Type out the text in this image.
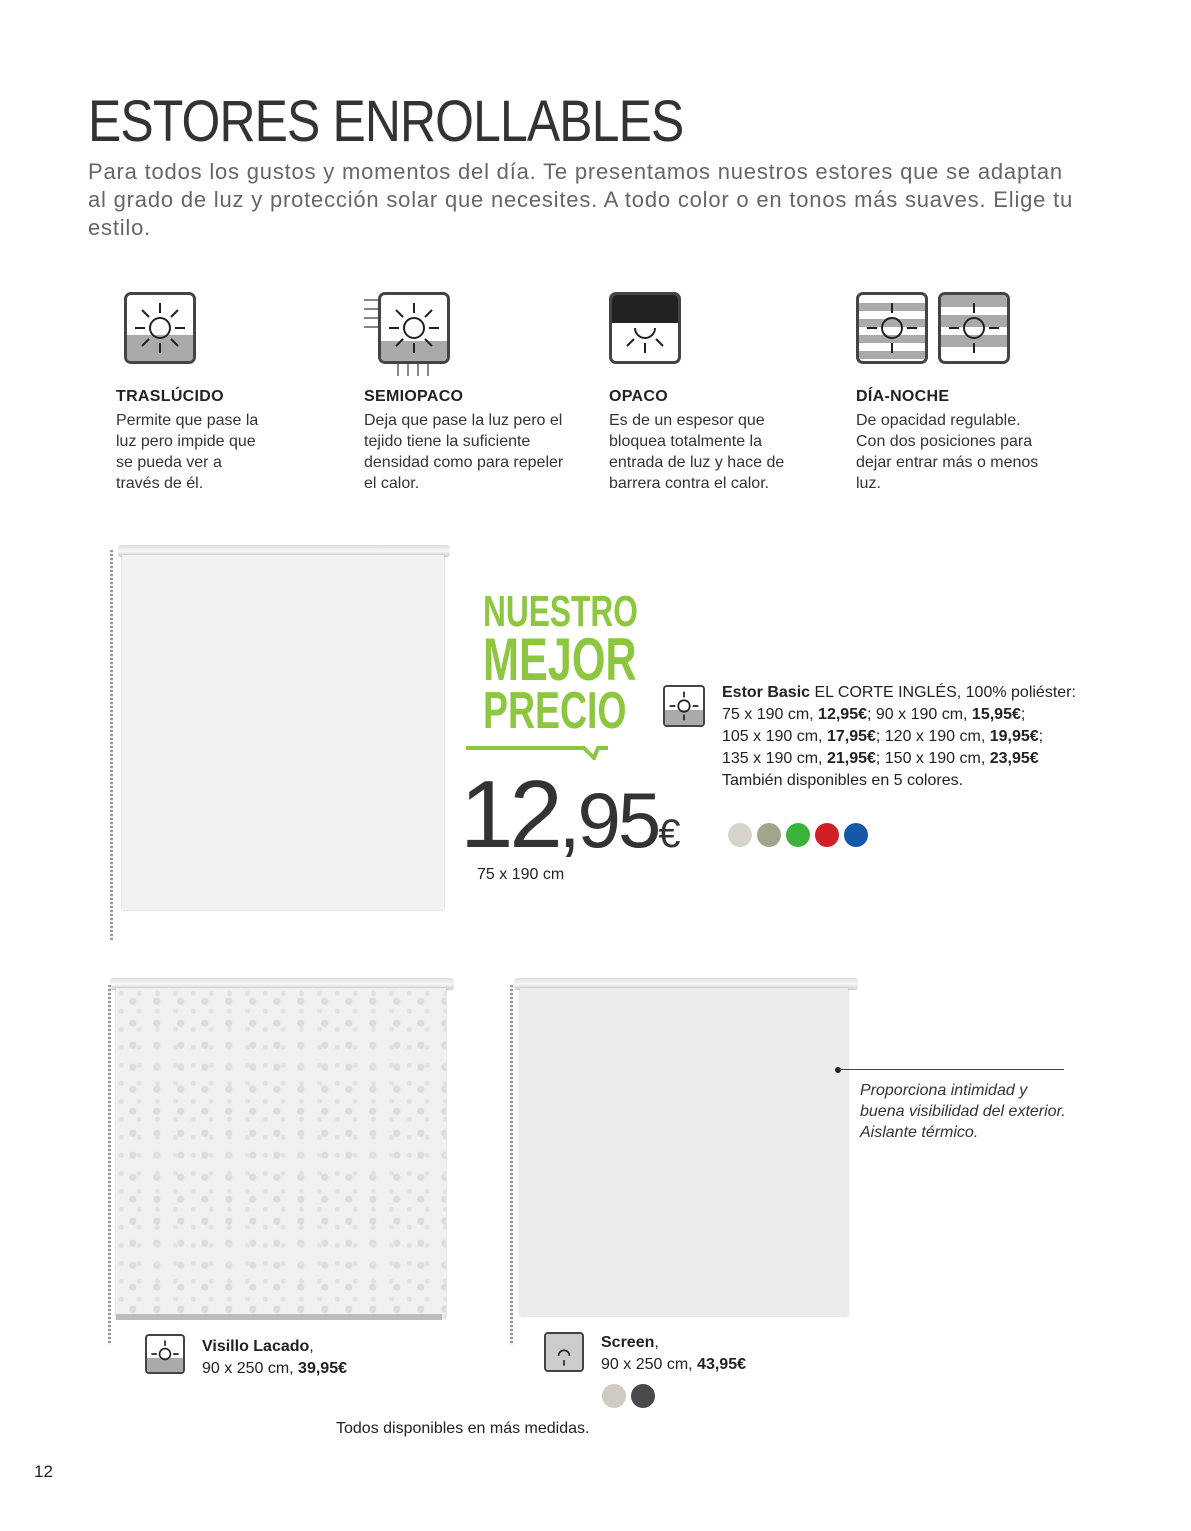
ESTORES ENROLLABLES
Para todos los gustos y momentos del día. Te presentamos nuestros estores que se adaptan al grado de luz y protección solar que necesites. A todo color o en tonos más suaves. Elige tu estilo.
TRASLÚCIDO
Permite que pase la luz pero impide que se pueda ver a través de él.
SEMIOPACO
Deja que pase la luz pero el tejido tiene la suficiente densidad como para repeler el calor.
OPACO
Es de un espesor que bloquea totalmente la entrada de luz y hace de barrera contra el calor.
DÍA-NOCHE
De opacidad regulable. Con dos posiciones para dejar entrar más o menos luz.
NUESTRO
MEJOR
PRECIO
12,95€
75 x 190 cm
Estor Basic EL CORTE INGLÉS, 100% poliéster:
75 x 190 cm, 12,95€; 90 x 190 cm, 15,95€;
105 x 190 cm, 17,95€; 120 x 190 cm, 19,95€;
135 x 190 cm, 21,95€; 150 x 190 cm, 23,95€
También disponibles en 5 colores.
Proporciona intimidad y buena visibilidad del exterior. Aislante térmico.
Visillo Lacado,
90 x 250 cm, 39,95€
Screen,
90 x 250 cm, 43,95€
Todos disponibles en más medidas.
12
